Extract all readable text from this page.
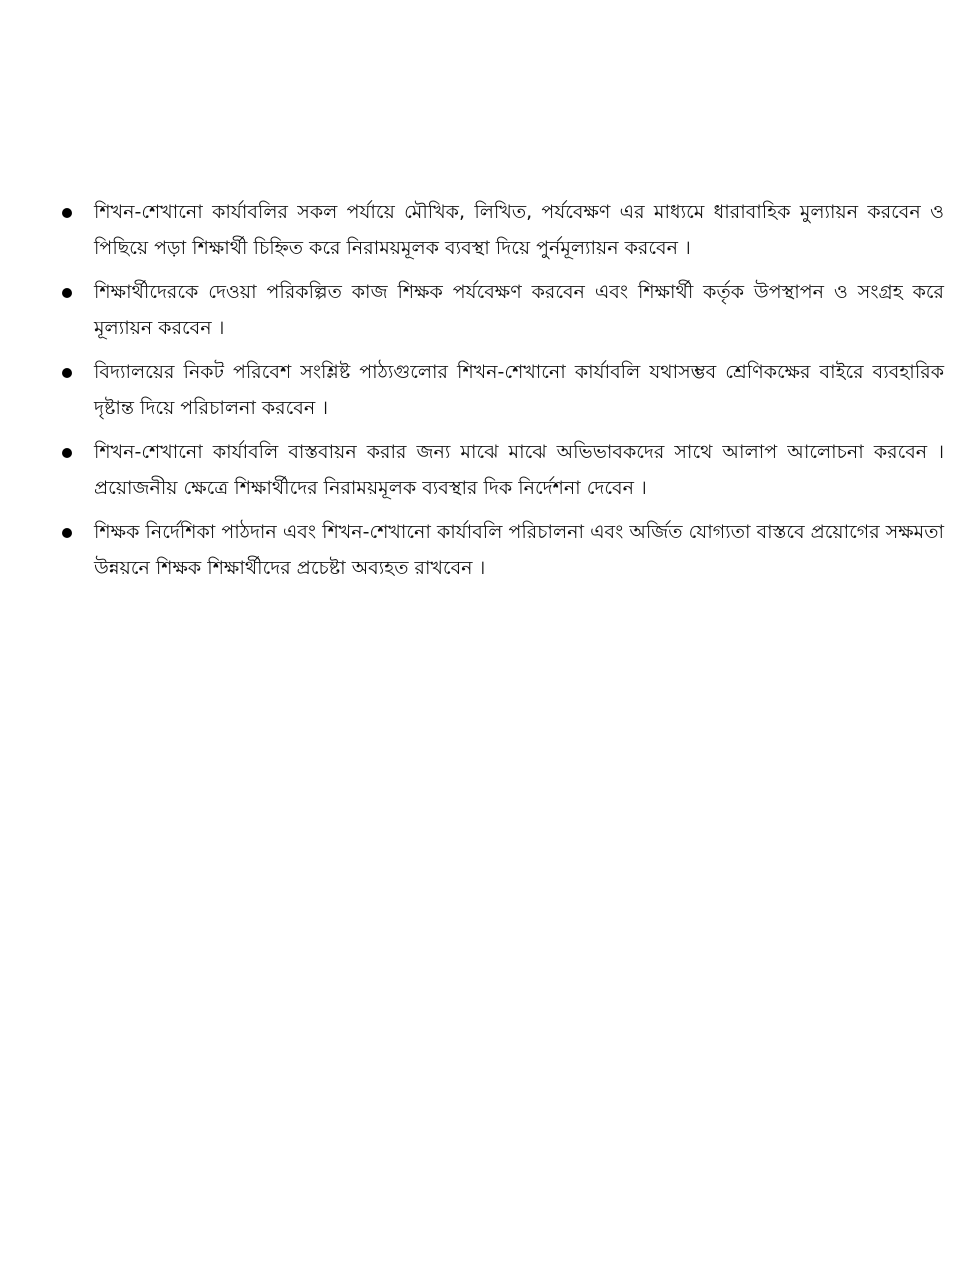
শিখন-শেখানো কার্যাবলির সকল পর্যায়ে মৌখিক, লিখিত, পর্যবেক্ষণ এর মাধ্যমে ধারাবাহিক মুল্যায়ন করবেন ও পিছিয়ে পড়া শিক্ষার্থী চিহ্নিত করে নিরাময়মূলক ব্যবস্থা দিয়ে পুর্নমূল্যায়ন করবেন ।
শিক্ষার্থীদেরকে দেওয়া পরিকল্পিত কাজ শিক্ষক পর্যবেক্ষণ করবেন এবং শিক্ষার্থী কর্তৃক উপস্থাপন ও সংগ্রহ করে মূল্যায়ন করবেন ।
বিদ্যালয়ের নিকট পরিবেশ সংশ্লিষ্ট পাঠ্যগুলোর শিখন-শেখানো কার্যাবলি যথাসম্ভব শ্রেণিকক্ষের বাইরে ব্যবহারিক দৃষ্টান্ত দিয়ে পরিচালনা করবেন ।
শিখন-শেখানো কার্যাবলি বাস্তবায়ন করার জন্য মাঝে মাঝে অভিভাবকদের সাথে আলাপ আলোচনা করবেন । প্রয়োজনীয় ক্ষেত্রে শিক্ষার্থীদের নিরাময়মূলক ব্যবস্থার দিক নির্দেশনা দেবেন ।
শিক্ষক নির্দেশিকা পাঠদান এবং শিখন-শেখানো কার্যাবলি পরিচালনা এবং অর্জিত যোগ্যতা বাস্তবে প্রয়োগের সক্ষমতা উন্নয়নে শিক্ষক শিক্ষার্থীদের প্রচেষ্টা অব্যহত রাখবেন ।
